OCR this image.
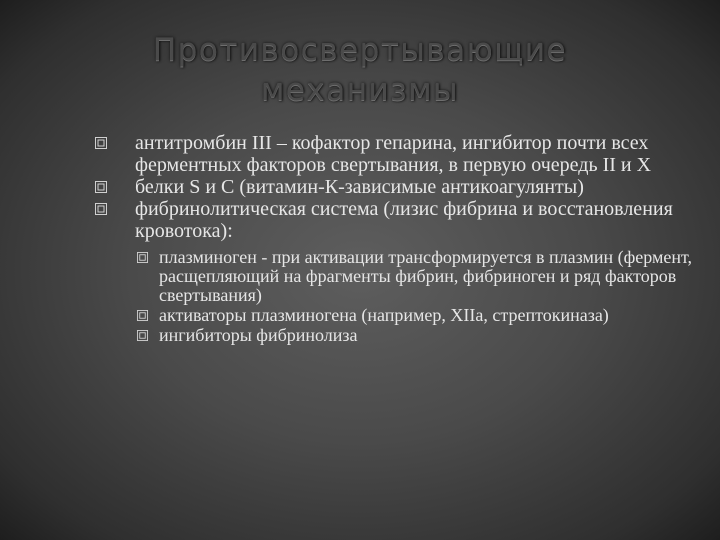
Противосвертывающие
механизмы
антитромбин III – кофактор гепарина, ингибитор почти всех ферментных факторов свертывания, в первую очередь II и X
белки S и C (витамин-К-зависимые антикоагулянты)
фибринолитическая система (лизис фибрина и восстановления кровотока):
плазминоген - при активации трансформируется в плазмин (фермент, расщепляющий на фрагменты фибрин, фибриноген и ряд факторов свертывания)
активаторы плазминогена (например, XIIa, стрептокиназа)
ингибиторы фибринолиза
